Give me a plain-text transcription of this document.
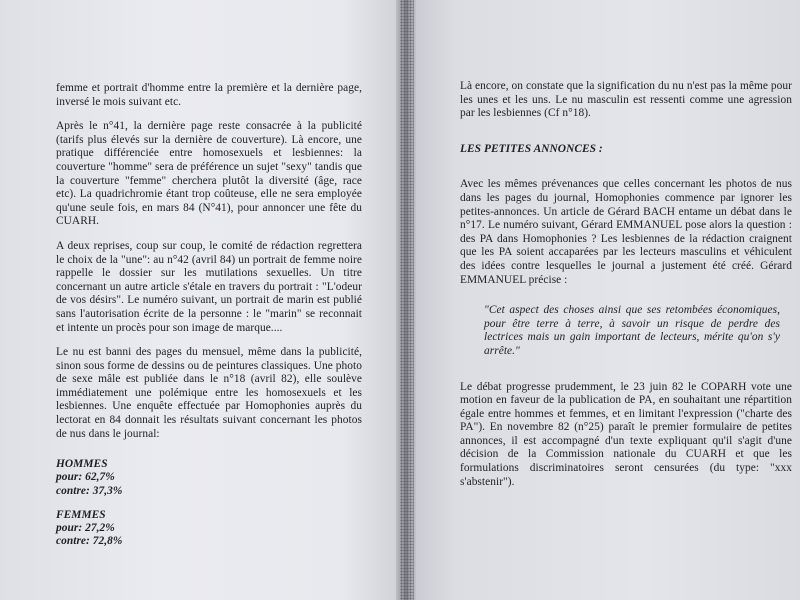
femme et portrait d'homme entre la première et la dernière page, inversé le mois suivant etc.

Après le n°41, la dernière page reste consacrée à la publicité (tarifs plus élevés sur la dernière de couverture). Là encore, une pratique différenciée entre homosexuels et lesbiennes: la couverture "homme" sera de préférence un sujet "sexy" tandis que la couverture "femme" cherchera plutôt la diversité (âge, race etc). La quadrichromie étant trop coûteuse, elle ne sera employée qu'une seule fois, en mars 84 (N°41), pour annoncer une fête du CUARH.

A deux reprises, coup sur coup, le comité de rédaction regrettera le choix de la "une": au n°42 (avril 84) un portrait de femme noire rappelle le dossier sur les mutilations sexuelles. Un titre concernant un autre article s'étale en travers du portrait : "L'odeur de vos désirs". Le numéro suivant, un portrait de marin est publié sans l'autorisation écrite de la personne : le "marin" se reconnait et intente un procès pour son image de marque....

Le nu est banni des pages du mensuel, même dans la publicité, sinon sous forme de dessins ou de peintures classiques. Une photo de sexe mâle est publiée dans le n°18 (avril 82), elle soulève immédiatement une polémique entre les homosexuels et les lesbiennes. Une enquête effectuée par Homophonies auprès du lectorat en 84 donnait les résultats suivant concernant les photos de nus dans le journal:

HOMMES
pour: 62,7%
contre: 37,3%
FEMMES
pour: 27,2%
contre: 72,8%

Là encore, on constate que la signification du nu n'est pas la même pour les unes et les uns. Le nu masculin est ressenti comme une agression par les lesbiennes (Cf n°18).

LES PETITES ANNONCES :

Avec les mêmes prévenances que celles concernant les photos de nus dans les pages du journal, Homophonies commence par ignorer les petites-annonces. Un article de Gérard BACH entame un débat dans le n°17. Le numéro suivant, Gérard EMMANUEL pose alors la question : des PA dans Homophonies ? Les lesbiennes de la rédaction craignent que les PA soient accaparées par les lecteurs masculins et véhiculent des idées contre lesquelles le journal a justement été créé. Gérard EMMANUEL précise :

"Cet aspect des choses ainsi que ses retombées économiques, pour être terre à terre, à savoir un risque de perdre des lectrices mais un gain important de lecteurs, mérite qu'on s'y arrête."

Le débat progresse prudemment, le 23 juin 82 le COPARH vote une motion en faveur de la publication de PA, en souhaitant une répartition égale entre hommes et femmes, et en limitant l'expression ("charte des PA"). En novembre 82 (n°25) paraît le premier formulaire de petites annonces, il est accompagné d'un texte expliquant qu'il s'agit d'une décision de la Commission nationale du CUARH et que les formulations discriminatoires seront censurées (du type: "xxx s'abstenir").
